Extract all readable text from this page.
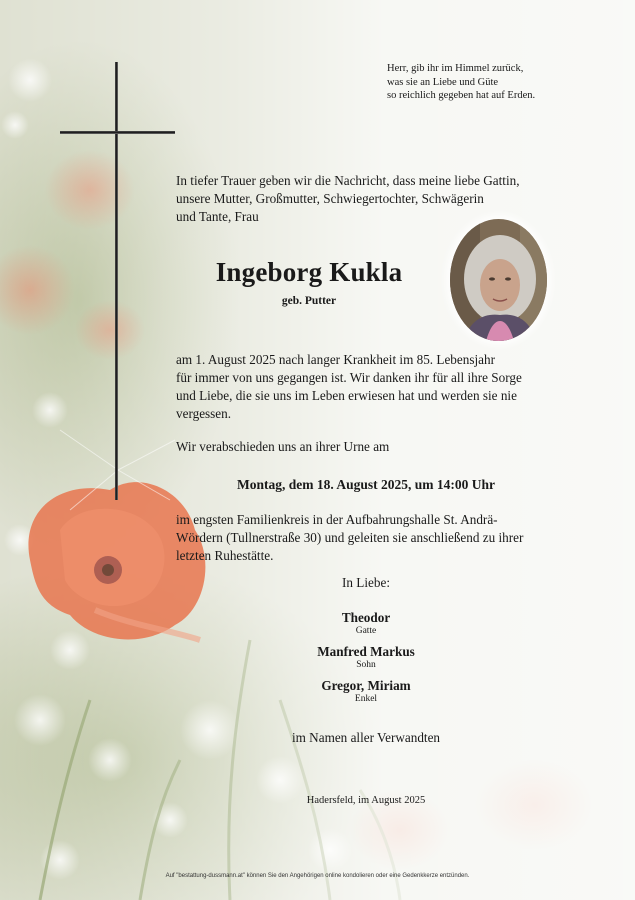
Herr, gib ihr im Himmel zurück,
was sie an Liebe und Güte
so reichlich gegeben hat auf Erden.
In tiefer Trauer geben wir die Nachricht, dass meine liebe Gattin,
unsere Mutter, Großmutter, Schwiegertochter, Schwägerin
und Tante, Frau
Ingeborg Kukla
geb. Putter
am 1. August 2025 nach langer Krankheit im 85. Lebensjahr
für immer von uns gegangen ist. Wir danken ihr für all ihre Sorge
und Liebe, die sie uns im Leben erwiesen hat und werden sie nie
vergessen.
Wir verabschieden uns an ihrer Urne am
Montag, dem 18. August 2025, um 14:00 Uhr
im engsten Familienkreis in der Aufbahrungshalle St. Andrä-
Wördern (Tullnerstraße 30) und geleiten sie anschließend zu ihrer
letzten Ruhestätte.
In Liebe:
Theodor
Gatte
Manfred Markus
Sohn
Gregor, Miriam
Enkel
im Namen aller Verwandten
Hadersfeld, im August 2025
Auf "bestattung-dussmann.at" können Sie den Angehörigen online kondolieren oder eine Gedenkkerze entzünden.
